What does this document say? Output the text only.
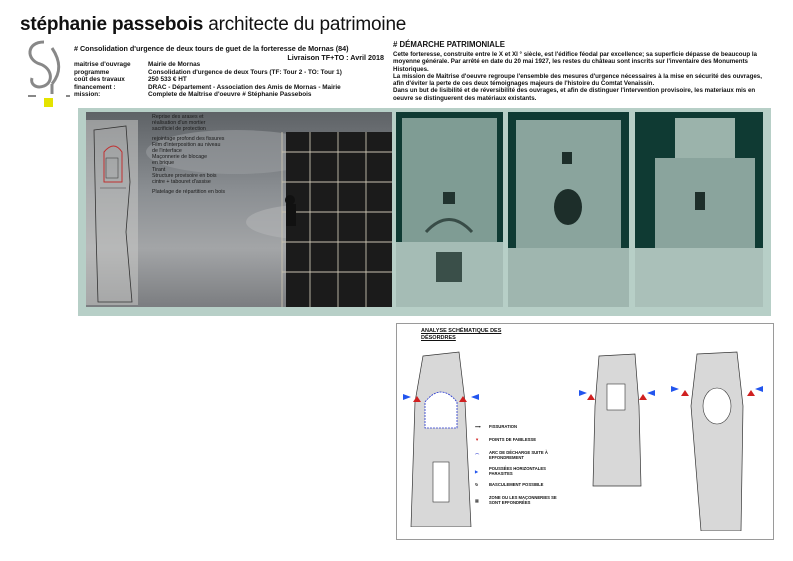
stéphanie passebois architecte du patrimoine
# Consolidation d'urgence de deux tours de guet de la forteresse de Mornas (84)
Livraison TF+TO : Avril 2018
maitrise d'ouvrage	Mairie de Mornas
programme	Consolidation d'urgence de deux Tours (TF: Tour 2 - TO: Tour 1)
coût des travaux	250 533 € HT
financement :	DRAC - Département - Association des Amis de Mornas - Mairie
mission:	Complete de Maîtrise d'oeuvre # Stéphanie Passebois
# DÉMARCHE PATRIMONIALE

Cette forteresse, construite entre le X et XI ° siècle, est l'édifice féodal par excellence; sa superficie dépasse de beaucoup la moyenne générale. Par arrêté en date du 20 mai 1927, les restes du château sont inscrits sur l'inventaire des Monuments Historiques.

La mission de Maîtrise d'oeuvre regroupe l'ensemble des mesures d'urgence nécessaires à la mise en sécurité des ouvrages, afin d'éviter la perte de ces deux témoignages majeurs de l'histoire du Comtat Venaissin.

Dans un but de lisibilité et de réversibilité des ouvrages, et afin de distinguer l'intervention provisoire, les materiaux mis en oeuvre se distinguerent des matériaux existants.

Reprise des arases et
réalisation d'un mortier
sacrificiel de protection
rejointage profond des fissures
Film d'interposition au niveau
de l'interface
Maçonnerie de blocage
en brique
Tirant
Structure provisoire en bois
cintre + tabouret d'assise
Platelage de répartition en bois
ANALYSE SCHÉMATIQUE DES
DÉSORDRES
⟶	FISSURATION
▼	POINTS DE FAIBLESSE
⌒	ARC DE DÉCHARGE SUITE À EFFONDREMENT
▶	POUSSÉES HORIZONTALES PARASITES
↻	BASCULEMENT POSSIBLE
▦	ZONE OU LES MAÇONNERIES SE SONT EFFONDRÉES
